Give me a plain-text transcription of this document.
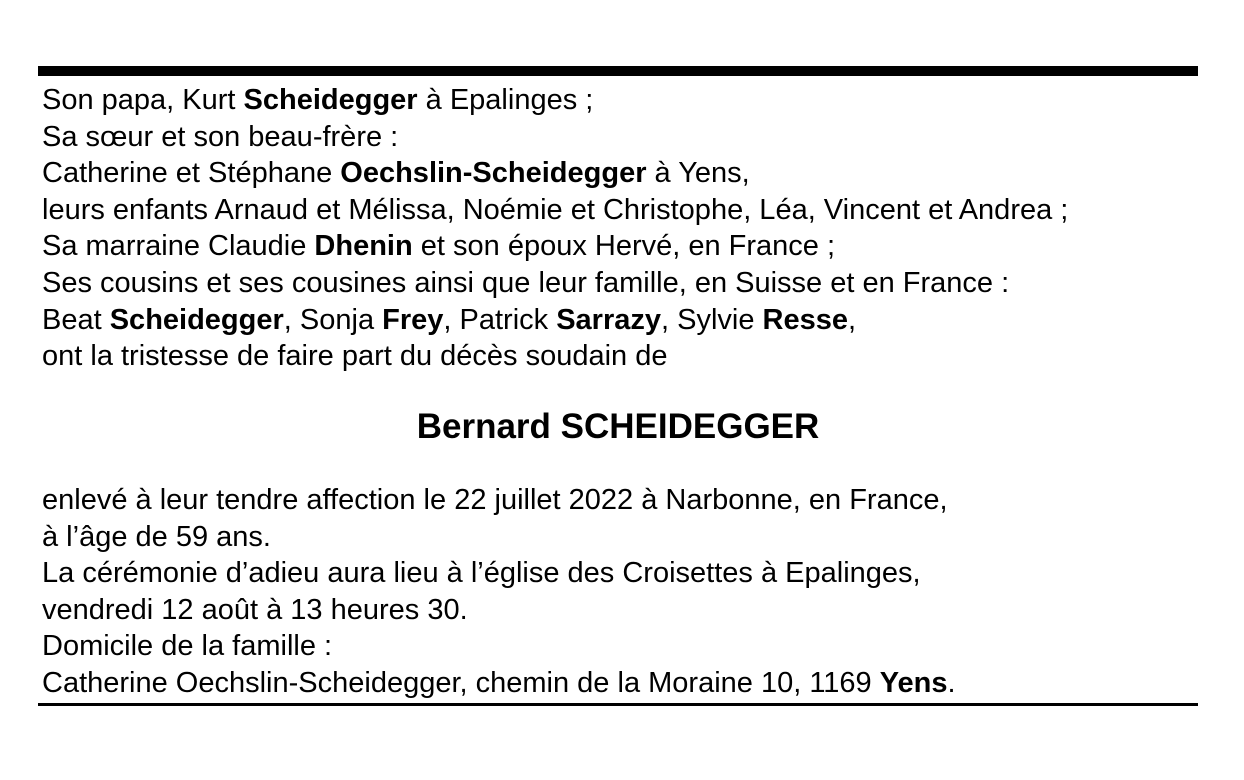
Son papa, Kurt Scheidegger à Epalinges ;
Sa sœur et son beau-frère :
Catherine et Stéphane Oechslin-Scheidegger à Yens,
leurs enfants Arnaud et Mélissa, Noémie et Christophe, Léa, Vincent et Andrea ;
Sa marraine Claudie Dhenin et son époux Hervé, en France ;
Ses cousins et ses cousines ainsi que leur famille, en Suisse et en France :
Beat Scheidegger, Sonja Frey, Patrick Sarrazy, Sylvie Resse,
ont la tristesse de faire part du décès soudain de
Bernard SCHEIDEGGER
enlevé à leur tendre affection le 22 juillet 2022 à Narbonne, en France,
à l’âge de 59 ans.
La cérémonie d’adieu aura lieu à l’église des Croisettes à Epalinges,
vendredi 12 août à 13 heures 30.
Domicile de la famille :
Catherine Oechslin-Scheidegger, chemin de la Moraine 10, 1169 Yens.
